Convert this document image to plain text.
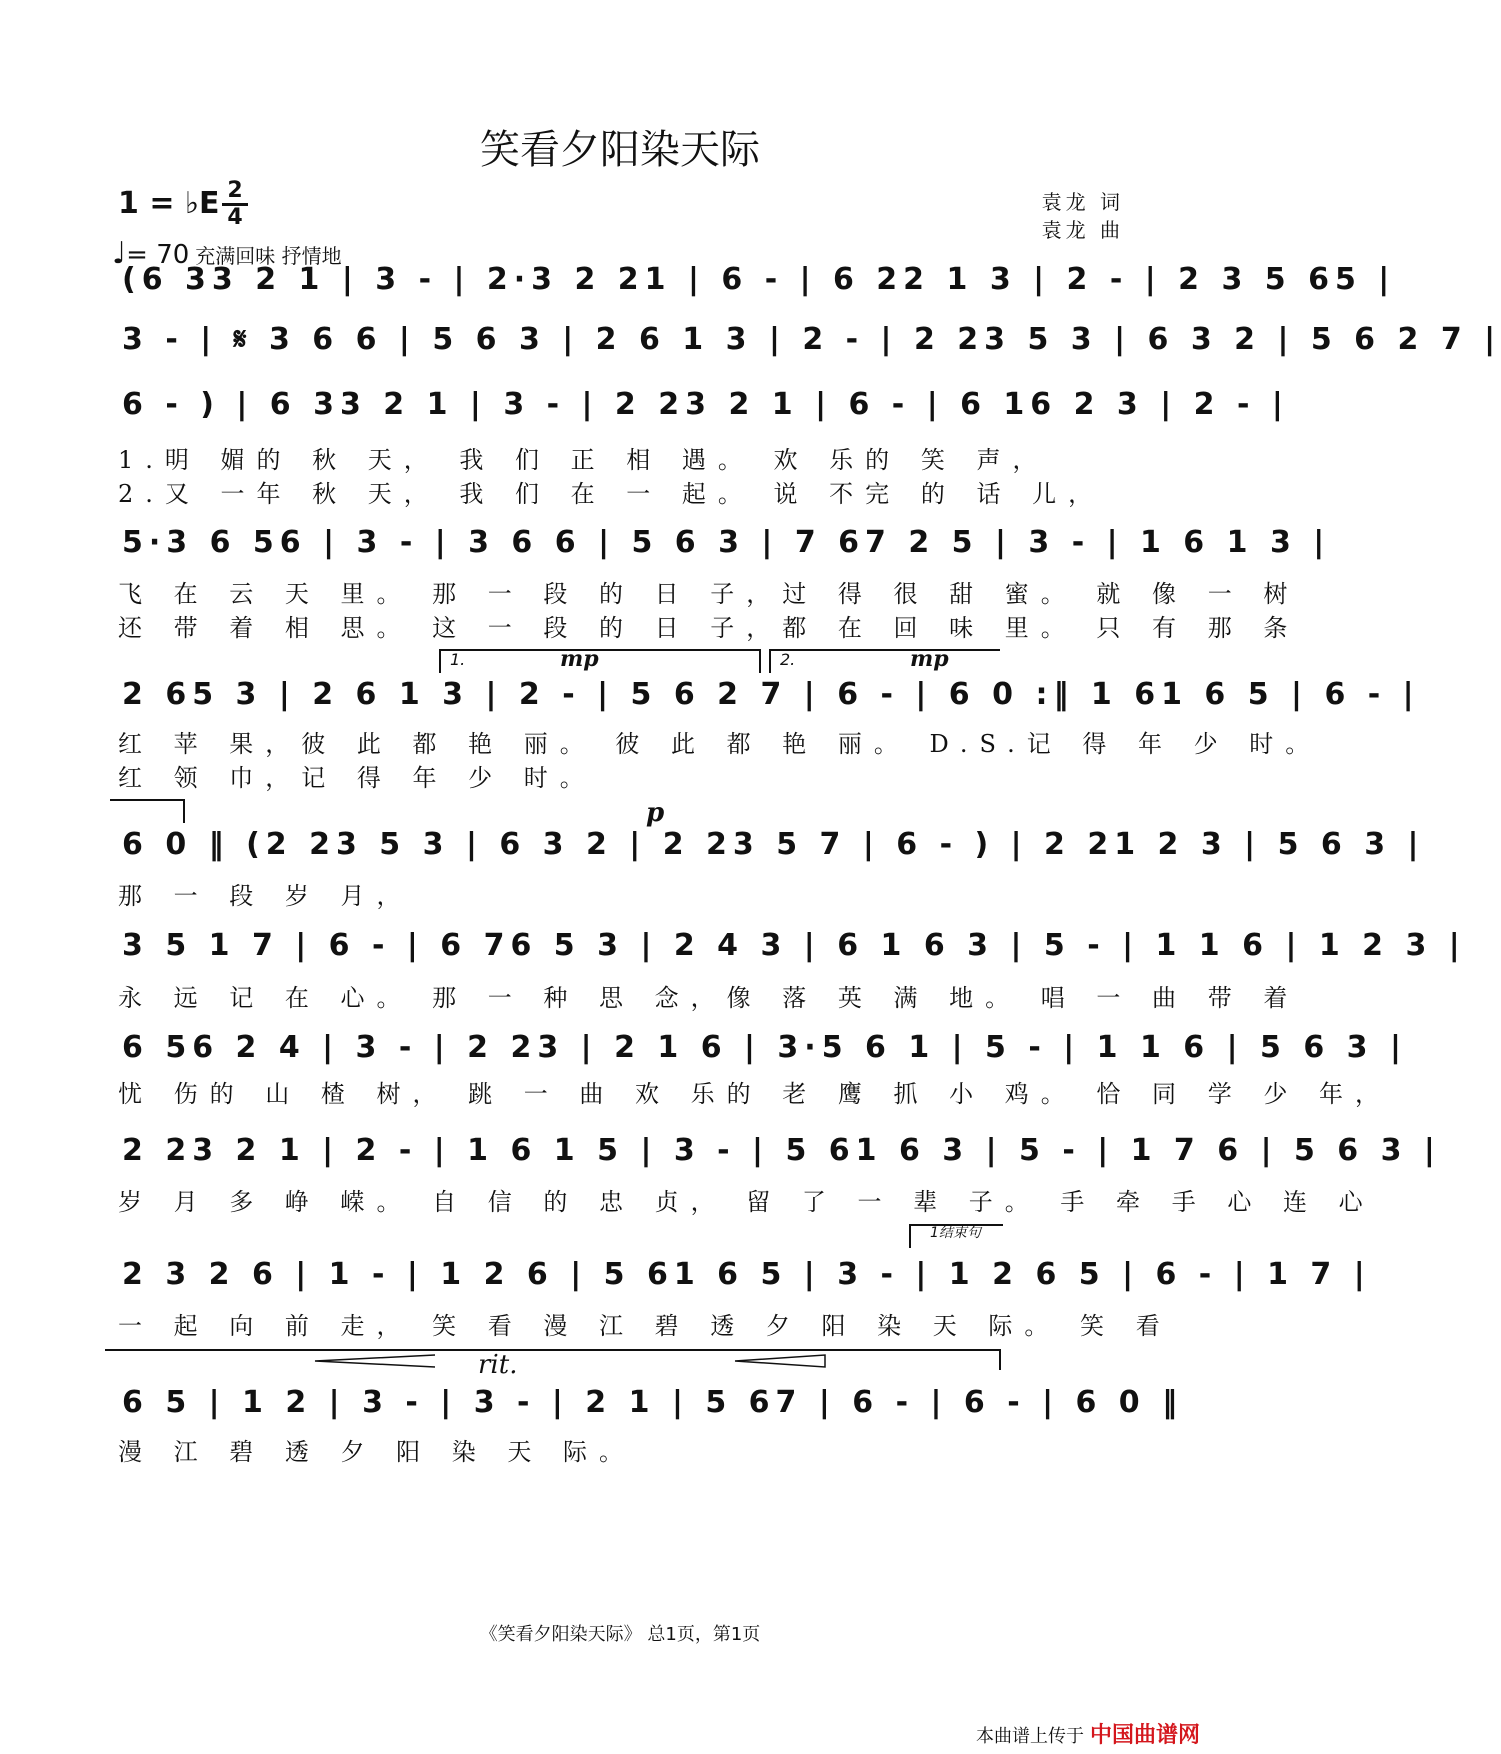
笑看夕阳染天际
1 = ♭E 2
4
♩= 70 充满回味 抒情地
袁龙 词
袁龙 曲
(6 33 2 1 | 3 - | 2·3 2 21 | 6 - | 6 22 1 3 | 2 - | 2 3 5 65 |
3 - | 𝄋 3 6 6 | 5 6 3 | 2 6 1 3 | 2 - | 2 23 5 3 | 6 3 2 | 5 6 2 7 |
6 - ) | 6 33 2 1 | 3 - | 2 23 2 1 | 6 - | 6 16 2 3 | 2 - |
1.明 媚的 秋 天， 我 们 正 相 遇。 欢 乐的 笑 声，
2.又 一年 秋 天， 我 们 在 一 起。 说 不完 的 话 儿，
5·3 6 56 | 3 - | 3 6 6 | 5 6 3 | 7 67 2 5 | 3 - | 1 6 1 3 |
飞 在 云 天 里。 那 一 段 的 日 子，过 得 很 甜 蜜。 就 像 一 树
还 带 着 相 思。 这 一 段 的 日 子，都 在 回 味 里。 只 有 那 条
1.	2.
mp	mp
2 65 3 | 2 6 1 3 | 2 - | 5 6 2 7 | 6 - | 6 0 :‖ 1 61 6 5 | 6 - |
红 苹 果，彼 此 都 艳 丽。 彼 此 都 艳 丽。 D.S.记 得 年 少 时。
红 领 巾，记 得 年 少 时。
p
6 0 ‖ (2 23 5 3 | 6 3 2 | 2 23 5 7 | 6 - ) | 2 21 2 3 | 5 6 3 |
那 一 段 岁 月，
3 5 1 7 | 6 - | 6 76 5 3 | 2 4 3 | 6 1 6 3 | 5 - | 1 1 6 | 1 2 3 |
永 远 记 在 心。 那 一 种 思 念，像 落 英 满 地。 唱 一 曲 带 着
6 56 2 4 | 3 - | 2 23 | 2 1 6 | 3·5 6 1 | 5 - | 1 1 6 | 5 6 3 |
忧 伤的 山 楂 树， 跳 一 曲 欢 乐的 老 鹰 抓 小 鸡。 恰 同 学 少 年，
2 23 2 1 | 2 - | 1 6 1 5 | 3 - | 5 61 6 3 | 5 - | 1 7 6 | 5 6 3 |
岁 月 多 峥 嵘。 自 信 的 忠 贞， 留 了 一 辈 子。 手 牵 手 心 连 心
1结束句
2 3 2 6 | 1 - | 1 2 6 | 5 61 6 5 | 3 - | 1 2 6 5 | 6 - | 1 7 |
一 起 向 前 走， 笑 看 漫 江 碧 透 夕 阳 染 天 际。 笑 看
rit.
6 5 | 1 2 | 3 - | 3 - | 2 1 | 5 67 | 6 - | 6 - | 6 0 ‖
漫 江 碧 透 夕 阳 染 天 际。
《笑看夕阳染天际》 总1页，第1页
本曲谱上传于 中国曲谱网
